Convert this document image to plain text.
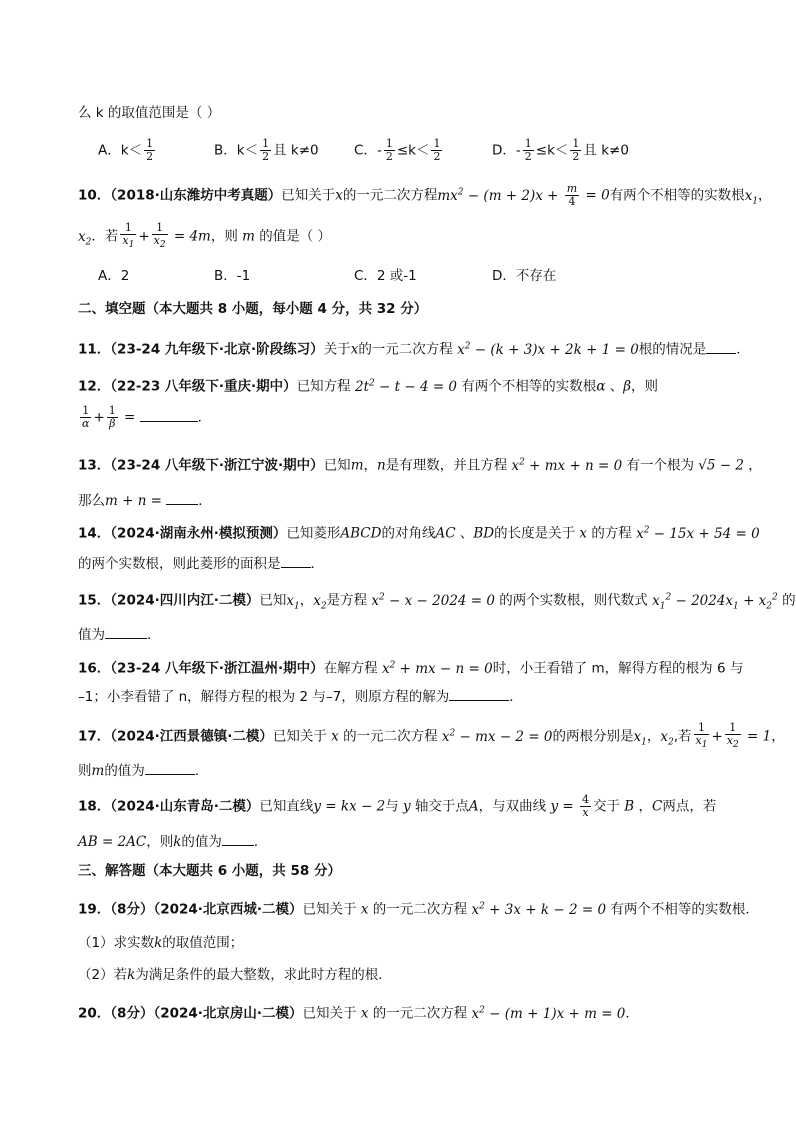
么 k 的取值范围是（ ）
A．$k< \frac{1}{2}$	B．$k< \frac{1}{2}$ 且 k≠0	C．- $\frac{1}{2} \le k< \frac{1}{2}$	D．- $\frac{1}{2} \le k< \frac{1}{2}$ 且 k≠0
10．（2018·山东潍坊中考真题）已知关于x的一元二次方程$mx^2 - (m + 2)x + \frac{m}{4} = 0$有两个不相等的实数根$x_1$，
$x_2$．若 $\frac{1}{x_1} + \frac{1}{x_2} = 4m$，则 m 的值是（ ）
A．2	B．-1	C．2 或-1	D．不存在
二、填空题（本大题共 8 小题，每小题 4 分，共 32 分）
11．（23-24 九年级下·北京·阶段练习）关于x的一元二次方程 $x^2 - (k + 3)x + 2k + 1 = 0$根的情况是 ．
12．（22-23 八年级下·重庆·期中）已知方程 $2t^2 - t - 4 = 0$ 有两个不相等的实数根α 、β，则
$\frac{1}{\alpha} + \frac{1}{\beta}$ =	．
13．（23-24 八年级下·浙江宁波·期中）已知m，n是有理数，并且方程 $x^2$ + mx + n = 0 有一个根为 √5 − 2 ，
那么m + n = ．
14．（2024·湖南永州·模拟预测）已知菱形ABCD的对角线AC 、BD的长度是关于 x 的方程 $x^2 - 15x + 54 = 0$
的两个实数根，则此菱形的面积是 ．
15．（2024·四川内江·二模）已知$x_1$，$x_2$是方程 $x^2 - x - 2024 = 0$ 的两个实数根，则代数式 $x_1^2 - 2024x_1 + x_2^2$ 的
值为	．
16．（23-24 八年级下·浙江温州·期中）在解方程 $x^2$ + mx − n = 0时，小王看错了 m，解得方程的根为 6 与
–1；小李看错了 n，解得方程的根为 2 与–7，则原方程的解为	．
17．（2024·江西景德镇·二模）已知关于 x 的一元二次方程 $x^2$ − mx − 2 = 0的两根分别是$x_1$，$x_2$,若 $\frac{1}{x_1} + \frac{1}{x_2} = 1$，
则m的值为	.
18．（2024·山东青岛·二模）已知直线y = kx − 2与 y 轴交于点A，与双曲线 $y = \frac{4}{x}$ 交于 B ，C两点，若
AB = 2AC，则k的值为 ．
三、解答题（本大题共 6 小题，共 58 分）
19．（8分）（2024·北京西城·二模）已知关于 x 的一元二次方程 $x^2 + 3x + k - 2 = 0$ 有两个不相等的实数根．
（1）求实数k的取值范围；
（2）若k为满足条件的最大整数，求此时方程的根．
20．（8分）（2024·北京房山·二模）已知关于 x 的一元二次方程 $x^2 - (m + 1)x + m = 0$．
